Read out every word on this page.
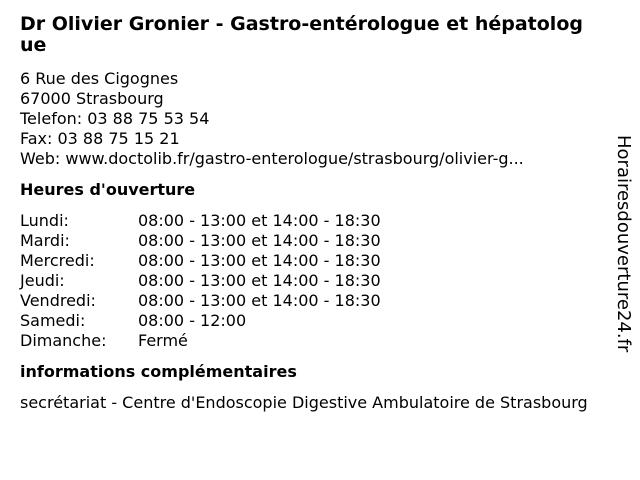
Dr Olivier Gronier - Gastro-entérologue et hépatologue
6 Rue des Cigognes
67000 Strasbourg
Telefon: 03 88 75 53 54
Fax: 03 88 75 15 21
Web: www.doctolib.fr/gastro-enterologue/strasbourg/olivier-g...
Heures d'ouverture
Lundi:	08:00 - 13:00 et 14:00 - 18:30
Mardi:	08:00 - 13:00 et 14:00 - 18:30
Mercredi:	08:00 - 13:00 et 14:00 - 18:30
Jeudi:	08:00 - 13:00 et 14:00 - 18:30
Vendredi:	08:00 - 13:00 et 14:00 - 18:30
Samedi:	08:00 - 12:00
Dimanche:	Fermé
informations complémentaires
secrétariat - Centre d'Endoscopie Digestive Ambulatoire de Strasbourg
Horairesdouverture24.fr
